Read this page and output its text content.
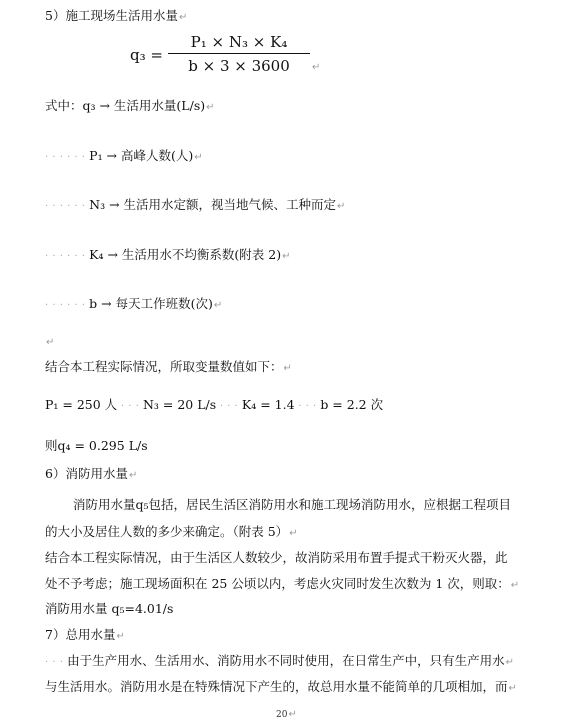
5）施工现场生活用水量↵
q₃ =
P₁ × N₃ × K₄
b × 3 × 3600	↵
式中：q₃ → 生活用水量(L/s)↵
· · · · · · P₁ → 高峰人数(人)↵
· · · · · · N₃ → 生活用水定额，视当地气候、工种而定↵
· · · · · · K₄ → 生活用水不均衡系数(附表 2)↵
· · · · · · b → 每天工作班数(次)↵
↵
结合本工程实际情况，所取变量数值如下：↵
P₁ = 250 人 · · · N₃ = 20 L/s · · · K₄ = 1.4 · · · b = 2.2 次
则q₄ = 0.295 L/s
6）消防用水量↵
消防用水量q₅包括，居民生活区消防用水和施工现场消防用水，应根据工程项目
的大小及居住人数的多少来确定。（附表 5）↵
结合本工程实际情况，由于生活区人数较少，故消防采用布置手提式干粉灭火器，此
处不予考虑；施工现场面积在 25 公顷以内，考虑火灾同时发生次数为 1 次，则取：↵
消防用水量 q₅=4.01/s
7）总用水量↵
· · · 由于生产用水、生活用水、消防用水不同时使用，在日常生产中，只有生产用水↵
与生活用水。消防用水是在特殊情况下产生的，故总用水量不能简单的几项相加，而↵
20↵
